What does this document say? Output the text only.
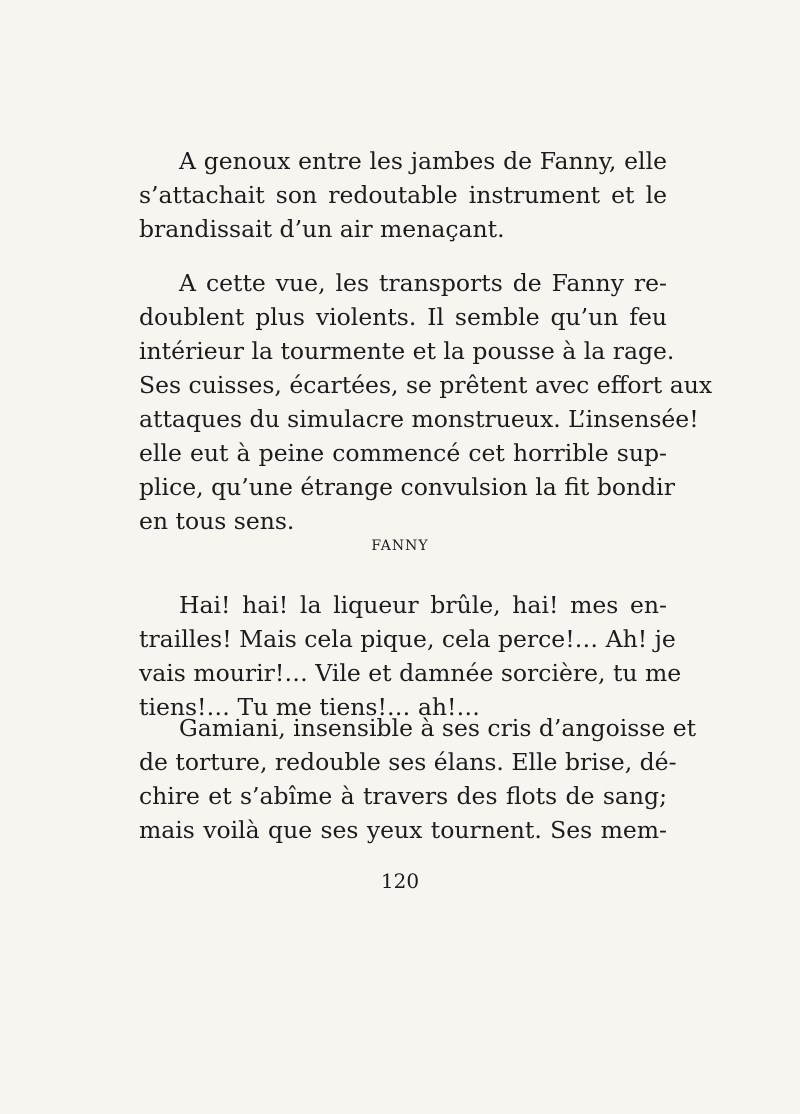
A genoux entre les jambes de Fanny, elle
s’attachait son redoutable instrument et le
brandissait d’un air menaçant.
A cette vue, les transports de Fanny re-
doublent plus violents. Il semble qu’un feu
intérieur la tourmente et la pousse à la rage.
Ses cuisses, écartées, se prêtent avec effort aux
attaques du simulacre monstrueux. L’insensée!
elle eut à peine commencé cet horrible sup-
plice, qu’une étrange convulsion la fit bondir
en tous sens.

FANNY

Hai! hai! la liqueur brûle, hai! mes en-
trailles! Mais cela pique, cela perce!… Ah! je
vais mourir!… Vile et damnée sorcière, tu me
tiens!… Tu me tiens!… ah!…
Gamiani, insensible à ses cris d’angoisse et
de torture, redouble ses élans. Elle brise, dé-
chire et s’abîme à travers des flots de sang;
mais voilà que ses yeux tournent. Ses mem-

120
